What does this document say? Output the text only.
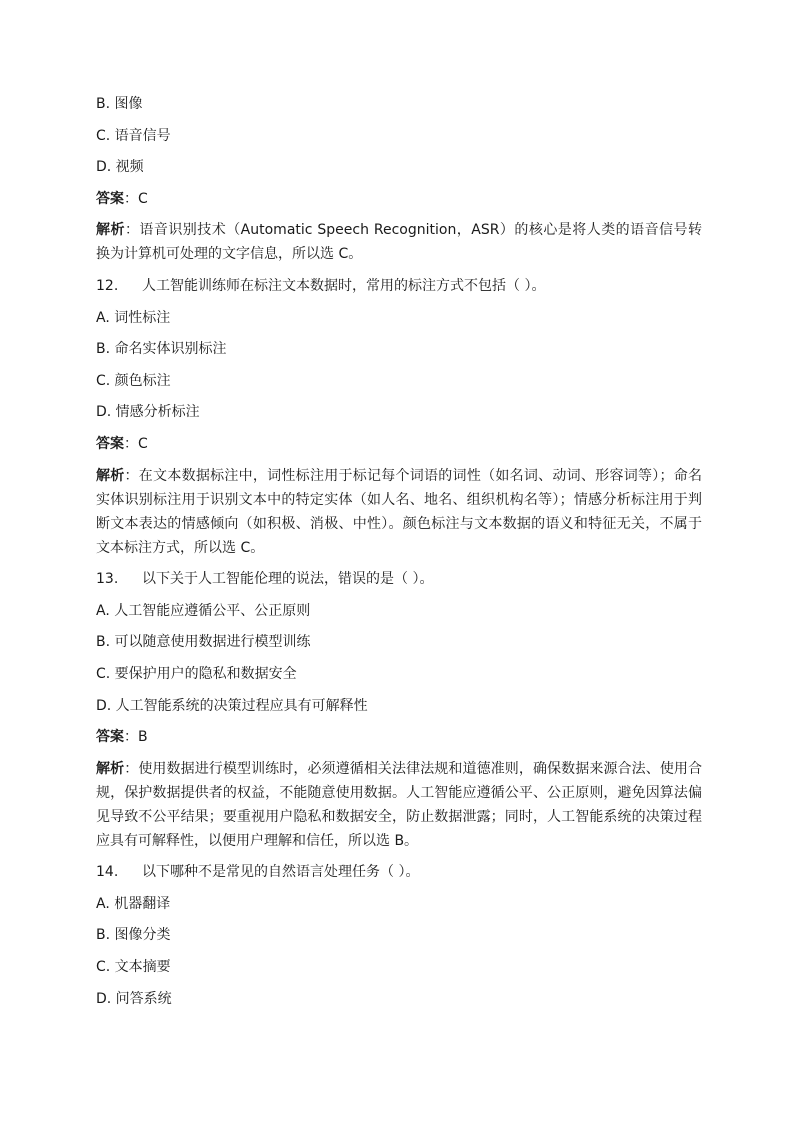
B. 图像
C. 语音信号
D. 视频
答案：C
解析：语音识别技术（Automatic Speech Recognition，ASR）的核心是将人类的语音信号转换为计算机可处理的文字信息，所以选 C。
12.	人工智能训练师在标注文本数据时，常用的标注方式不包括（ ）。
A. 词性标注
B. 命名实体识别标注
C. 颜色标注
D. 情感分析标注
答案：C
解析：在文本数据标注中，词性标注用于标记每个词语的词性（如名词、动词、形容词等）；命名实体识别标注用于识别文本中的特定实体（如人名、地名、组织机构名等）；情感分析标注用于判断文本表达的情感倾向（如积极、消极、中性）。颜色标注与文本数据的语义和特征无关，不属于文本标注方式，所以选 C。
13.	以下关于人工智能伦理的说法，错误的是（ ）。
A. 人工智能应遵循公平、公正原则
B. 可以随意使用数据进行模型训练
C. 要保护用户的隐私和数据安全
D. 人工智能系统的决策过程应具有可解释性
答案：B
解析：使用数据进行模型训练时，必须遵循相关法律法规和道德准则，确保数据来源合法、使用合规，保护数据提供者的权益，不能随意使用数据。人工智能应遵循公平、公正原则，避免因算法偏见导致不公平结果；要重视用户隐私和数据安全，防止数据泄露；同时，人工智能系统的决策过程应具有可解释性，以便用户理解和信任，所以选 B。
14.	以下哪种不是常见的自然语言处理任务（ ）。
A. 机器翻译
B. 图像分类
C. 文本摘要
D. 问答系统
